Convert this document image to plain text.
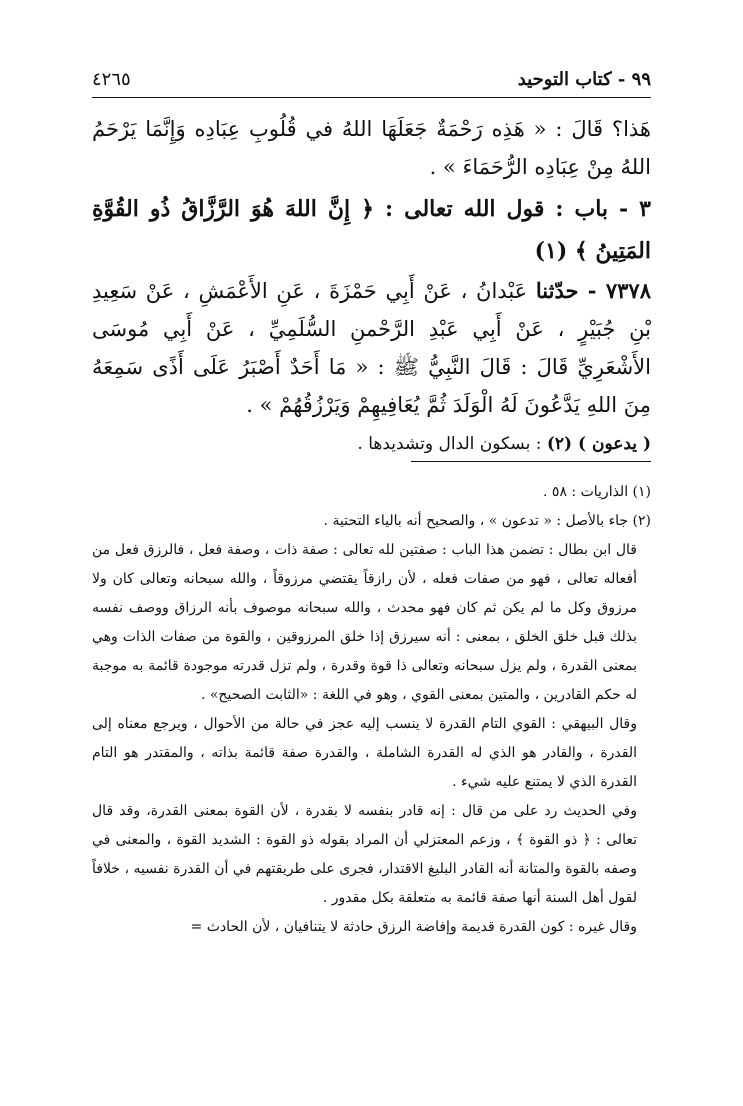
٩٩ - كتاب التوحيد
٤٢٦٥

هَذا؟ قَالَ : « هَذِه رَحْمَةٌ جَعَلَهَا اللهُ في قُلُوبِ عِبَادِه وَإِنَّمَا يَرْحَمُ اللهُ مِنْ عِبَادِه الرُّحَمَاءَ » .

٣ - باب : قول الله تعالى : ﴿ إِنَّ اللهَ هُوَ الرَّزَّاقُ ذُو القُوَّةِ المَتِينُ ﴾ (١)

٧٣٧٨ - حدّثنا عَبْدانُ ، عَنْ أَبِي حَمْزَةَ ، عَنِ الأَعْمَشِ ، عَنْ سَعِيدِ بْنِ جُبَيْرٍ ، عَنْ أَبِي عَبْدِ الرَّحْمنِ السُّلَمِيِّ ، عَنْ أَبِي مُوسَى الأَشْعَرِيِّ قَالَ : قَالَ النَّبِيُّ ﷺ : « مَا أَحَدٌ أَصْبَرُ عَلَى أَذًى سَمِعَهُ مِنَ اللهِ يَدَّعُونَ لَهُ الْوَلَدَ ثُمَّ يُعَافِيهِمْ وَيَرْزُقُهُمْ » .

( يدعون ) (٢) : بسكون الدال وتشديدها .

(١) الذاريات : ٥٨ .

(٢) جاء بالأصل : « تدعون » ، والصحيح أنه بالياء التحتية .

قال ابن بطال : تضمن هذا الباب : صفتين لله تعالى : صفة ذات ، وصفة فعل ، فالرزق فعل من أفعاله تعالى ، فهو من صفات فعله ، لأن رازقاً يقتضي مرزوقاً ، والله سبحانه وتعالى كان ولا مرزوق وكل ما لم يكن ثم كان فهو محدث ، والله سبحانه موصوف بأنه الرزاق ووصف نفسه بذلك قبل خلق الخلق ، بمعنى : أنه سيرزق إذا خلق المرزوقين ، والقوة من صفات الذات وهي بمعنى القدرة ، ولم يزل سبحانه وتعالى ذا قوة وقدرة ، ولم تزل قدرته موجودة قائمة به موجبة له حكم القادرين ، والمتين بمعنى القوي ، وهو في اللغة : «الثابت الصحيح» .

وقال البيهقي : القوي التام القدرة لا ينسب إليه عجز في حالة من الأحوال ، ويرجع معناه إلى القدرة ، والقادر هو الذي له القدرة الشاملة ، والقدرة صفة قائمة بذاته ، والمقتدر هو التام القدرة الذي لا يمتنع عليه شيء .

وفي الحديث رد على من قال : إنه قادر بنفسه لا بقدرة ، لأن القوة بمعنى القدرة، وقد قال تعالى : ﴿ ذو القوة ﴾ ، وزعم المعتزلي أن المراد بقوله ذو القوة : الشديد القوة ، والمعنى في وصفه بالقوة والمتانة أنه القادر البليغ الاقتدار، فجرى على طريقتهم في أن القدرة نفسيه ، خلافاً لقول أهل السنة أنها صفة قائمة به متعلقة بكل مقدور .

وقال غيره : كون القدرة قديمة وإفاضة الرزق حادثة لا يتنافيان ، لأن الحادث =
